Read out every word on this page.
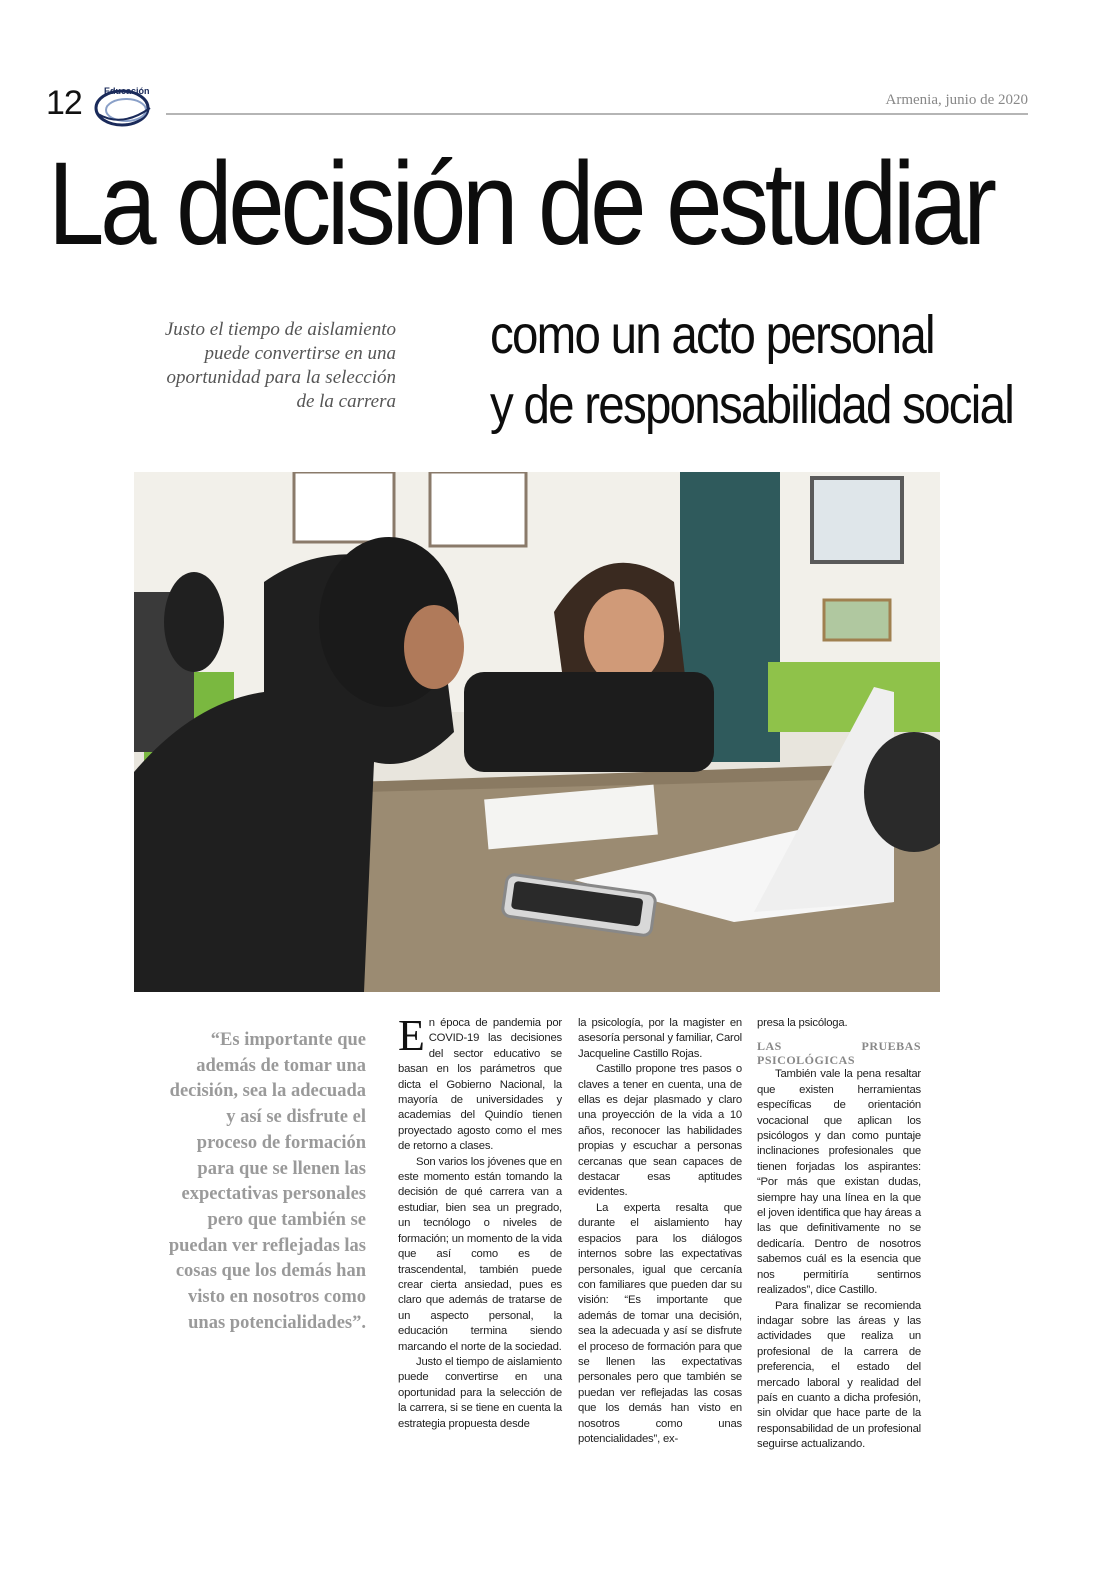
12 Educación
Armenia, junio de 2020
La decisión de estudiar
como un acto personal
y de responsabilidad social
Justo el tiempo de aislamiento puede convertirse en una oportunidad para la selección de la carrera
“Es importante que además de tomar una decisión, sea la adecuada y así se disfrute el proceso de formación para que se llenen las expectativas personales pero que también se puedan ver reflejadas las cosas que los demás han visto en nosotros como unas potencialidades”.

En época de pandemia por COVID-19 las decisiones del sector educativo se basan en los parámetros que dicta el Gobierno Nacional, la mayoría de universidades y academias del Quindío tienen proyectado agosto como el mes de retorno a clases.

Son varios los jóvenes que en este momento están tomando la decisión de qué carrera van a estudiar, bien sea un pregrado, un tecnólogo o niveles de formación; un momento de la vida que así como es de trascendental, también puede crear cierta ansiedad, pues es claro que además de tratarse de un aspecto personal, la educación termina siendo marcando el norte de la sociedad.

Justo el tiempo de aislamiento puede convertirse en una oportunidad para la selección de la carrera, si se tiene en cuenta la estrategia propuesta desde

la psicología, por la magister en asesoría personal y familiar, Carol Jacqueline Castillo Rojas.

Castillo propone tres pasos o claves a tener en cuenta, una de ellas es dejar plasmado y claro una proyección de la vida a 10 años, reconocer las habilidades propias y escuchar a personas cercanas que sean capaces de destacar esas aptitudes evidentes.

La experta resalta que durante el aislamiento hay espacios para los diálogos internos sobre las expectativas personales, igual que cercanía con familiares que pueden dar su visión: “Es importante que además de tomar una decisión, sea la adecuada y así se disfrute el proceso de formación para que se llenen las expectativas personales pero que también se puedan ver reflejadas las cosas que los demás han visto en nosotros como unas potencialidades”, ex-

presa la psicóloga.

LAS PRUEBAS PSICOLÓGICAS

También vale la pena resaltar que existen herramientas específicas de orientación vocacional que aplican los psicólogos y dan como puntaje inclinaciones profesionales que tienen forjadas los aspirantes: “Por más que existan dudas, siempre hay una línea en la que el joven identifica que hay áreas a las que definitivamente no se dedicaría. Dentro de nosotros sabemos cuál es la esencia que nos permitiría sentirnos realizados”, dice Castillo.

Para finalizar se recomienda indagar sobre las áreas y las actividades que realiza un profesional de la carrera de preferencia, el estado del mercado laboral y realidad del país en cuanto a dicha profesión, sin olvidar que hace parte de la responsabilidad de un profesional seguirse actualizando.
